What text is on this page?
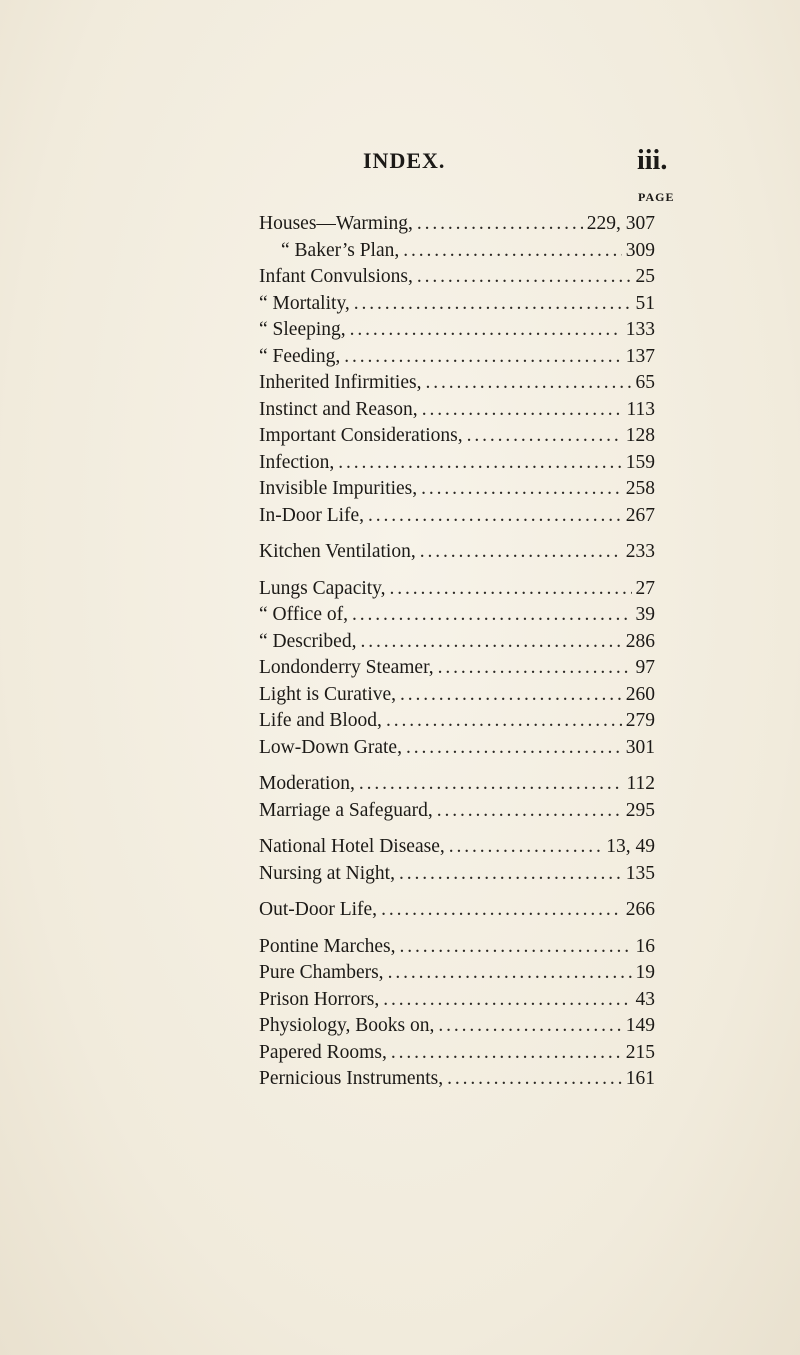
INDEX.	iii.
PAGE
Houses—Warming, . . .	229, 307
“ Baker’s Plan, . . .	309
Infant Convulsions, . . .	25
“ Mortality, . . .	51
“ Sleeping, . . .	133
“ Feeding, . . .	137
Inherited Infirmities, . . .	65
Instinct and Reason, . . .	113
Important Considerations, . . .	128
Infection, . . .	159
Invisible Impurities, . . .	258
In-Door Life, . . .	267
Kitchen Ventilation, . . .	233
Lungs Capacity, . . .	27
“ Office of, . . .	39
“ Described, . . .	286
Londonderry Steamer, . . .	97
Light is Curative, . . .	260
Life and Blood, . . .	279
Low-Down Grate, . . .	301
Moderation, . . .	112
Marriage a Safeguard, . . .	295
National Hotel Disease, . . .	13, 49
Nursing at Night, . . .	135
Out-Door Life, . . .	266
Pontine Marches, . . .	16
Pure Chambers, . . .	19
Prison Horrors, . . .	43
Physiology, Books on, . . .	149
Papered Rooms, . . .	215
Pernicious Instruments, . . .	161
